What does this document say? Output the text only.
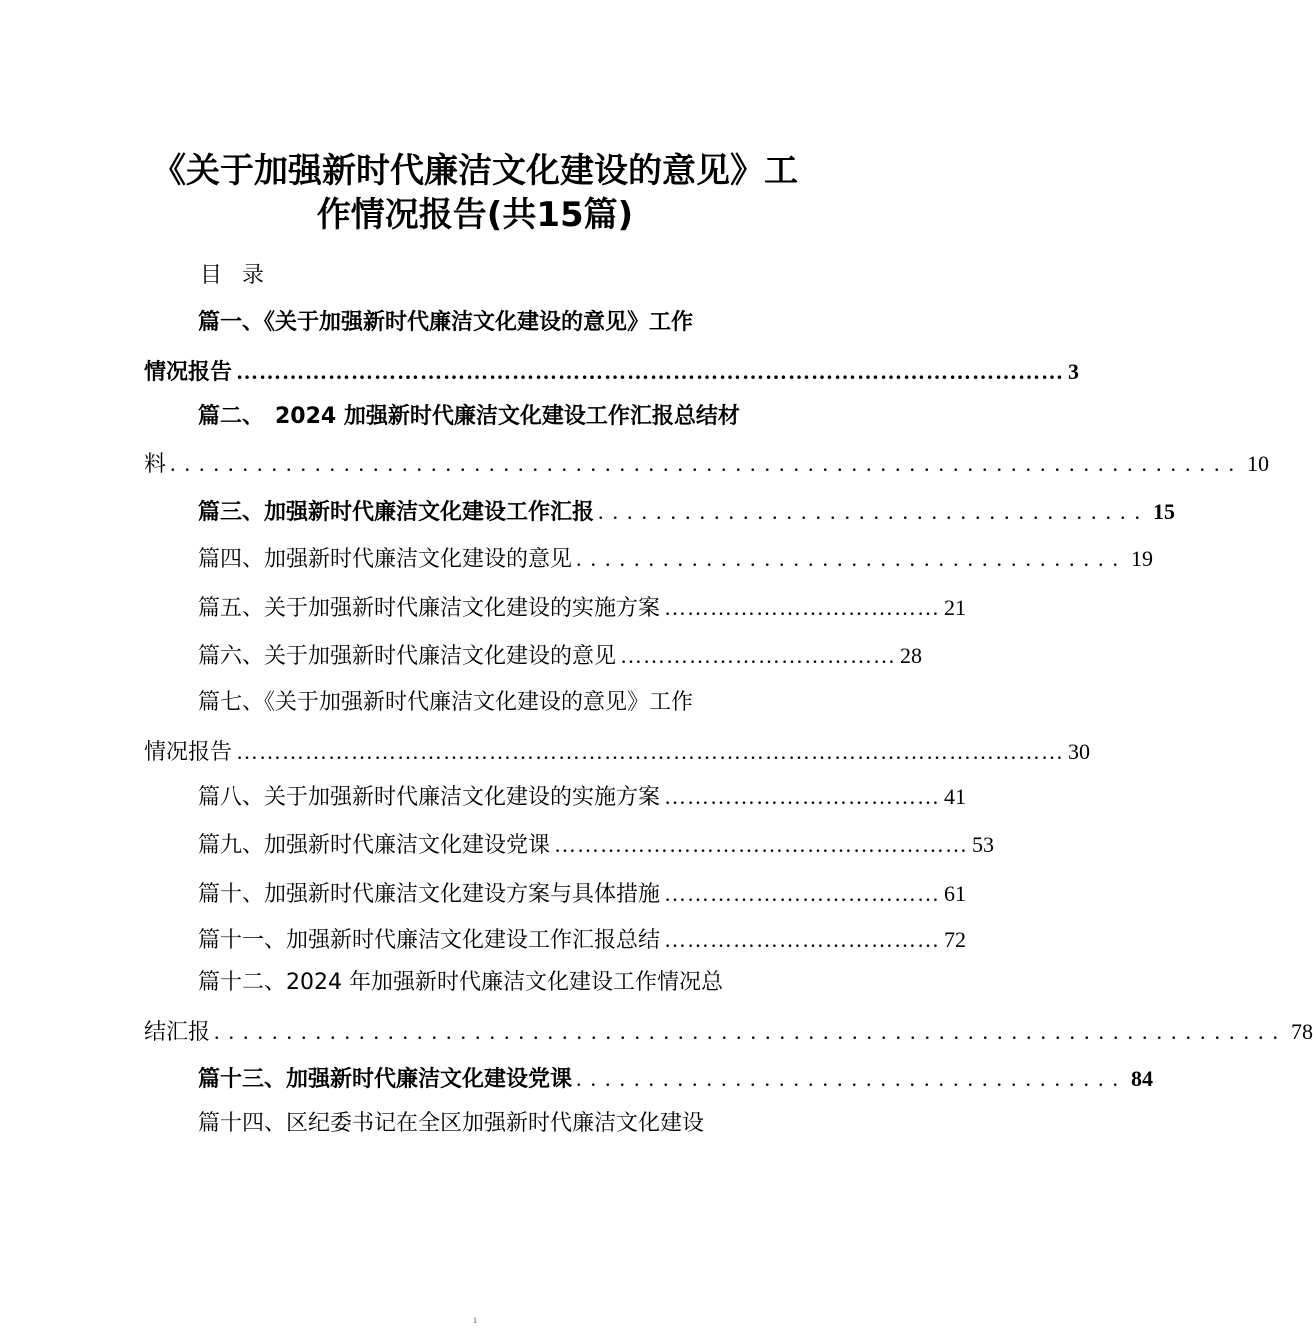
《关于加强新时代廉洁文化建设的意见》工
作情况报告(共15篇)
目录
篇一、《关于加强新时代廉洁文化建设的意见》工作
情况报告 ……………………………………………………………………………………………… 3
篇二、　2024 加强新时代廉洁文化建设工作汇报总结材
料 .......................................................................... 10
篇三、加强新时代廉洁文化建设工作汇报 ...................................... 15
篇四、加强新时代廉洁文化建设的意见 ...................................... 19
篇五、关于加强新时代廉洁文化建设的实施方案 ……………………………… 21
篇六、关于加强新时代廉洁文化建设的意见 ……………………………… 28
篇七、《关于加强新时代廉洁文化建设的意见》工作
情况报告 ……………………………………………………………………………………………… 30
篇八、关于加强新时代廉洁文化建设的实施方案 ……………………………… 41
篇九、加强新时代廉洁文化建设党课 ……………………………………………… 53
篇十、加强新时代廉洁文化建设方案与具体措施 ……………………………… 61
篇十一、加强新时代廉洁文化建设工作汇报总结 ……………………………… 72
篇十二、2024 年加强新时代廉洁文化建设工作情况总
结汇报 .......................................................................... 78
篇十三、加强新时代廉洁文化建设党课 ...................................... 84
篇十四、区纪委书记在全区加强新时代廉洁文化建设
1
